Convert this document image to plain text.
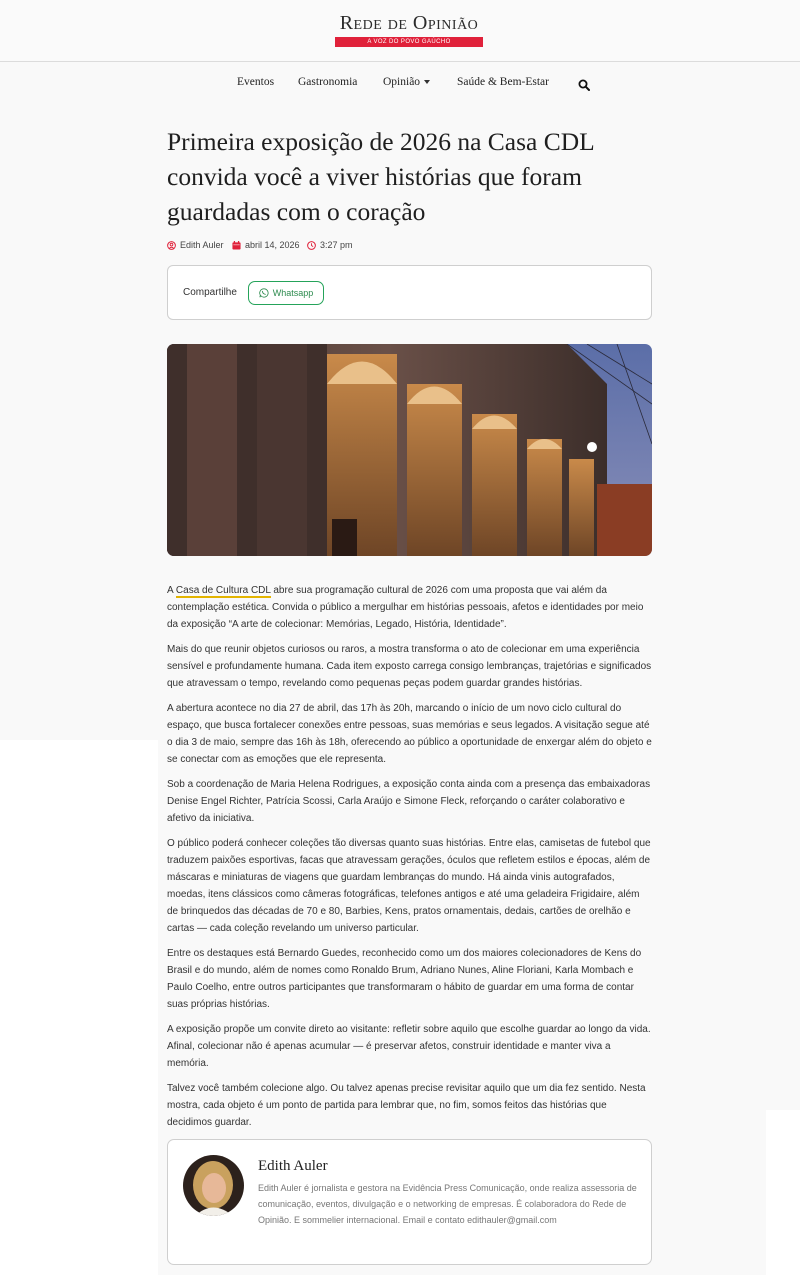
Rede de Opinião
A VOZ DO POVO GAÚCHO
Eventos Gastronomia Opinião	Saúde & Bem-Estar
Primeira exposição de 2026 na Casa CDL convida você a viver histórias que foram guardadas com o coração
Edith Auler abril 14, 2026 3:27 pm
Compartilhe	Whatsapp

A Casa de Cultura CDL abre sua programação cultural de 2026 com uma proposta que vai além da contemplação estética. Convida o público a mergulhar em histórias pessoais, afetos e identidades por meio da exposição “A arte de colecionar: Memórias, Legado, História, Identidade”.

Mais do que reunir objetos curiosos ou raros, a mostra transforma o ato de colecionar em uma experiência sensível e profundamente humana. Cada item exposto carrega consigo lembranças, trajetórias e significados que atravessam o tempo, revelando como pequenas peças podem guardar grandes histórias.

A abertura acontece no dia 27 de abril, das 17h às 20h, marcando o início de um novo ciclo cultural do espaço, que busca fortalecer conexões entre pessoas, suas memórias e seus legados. A visitação segue até o dia 3 de maio, sempre das 16h às 18h, oferecendo ao público a oportunidade de enxergar além do objeto e se conectar com as emoções que ele representa.

Sob a coordenação de Maria Helena Rodrigues, a exposição conta ainda com a presença das embaixadoras Denise Engel Richter, Patrícia Scossi, Carla Araújo e Simone Fleck, reforçando o caráter colaborativo e afetivo da iniciativa.

O público poderá conhecer coleções tão diversas quanto suas histórias. Entre elas, camisetas de futebol que traduzem paixões esportivas, facas que atravessam gerações, óculos que refletem estilos e épocas, além de máscaras e miniaturas de viagens que guardam lembranças do mundo. Há ainda vinis autografados, moedas, itens clássicos como câmeras fotográficas, telefones antigos e até uma geladeira Frigidaire, além de brinquedos das décadas de 70 e 80, Barbies, Kens, pratos ornamentais, dedais, cartões de orelhão e cartas — cada coleção revelando um universo particular.

Entre os destaques está Bernardo Guedes, reconhecido como um dos maiores colecionadores de Kens do Brasil e do mundo, além de nomes como Ronaldo Brum, Adriano Nunes, Aline Floriani, Karla Mombach e Paulo Coelho, entre outros participantes que transformaram o hábito de guardar em uma forma de contar suas próprias histórias.

A exposição propõe um convite direto ao visitante: refletir sobre aquilo que escolhe guardar ao longo da vida. Afinal, colecionar não é apenas acumular — é preservar afetos, construir identidade e manter viva a memória.

Talvez você também colecione algo. Ou talvez apenas precise revisitar aquilo que um dia fez sentido. Nesta mostra, cada objeto é um ponto de partida para lembrar que, no fim, somos feitos das histórias que decidimos guardar.

Edith Auler
Edith Auler é jornalista e gestora na Evidência Press Comunicação, onde realiza assessoria de comunicação, eventos, divulgação e o networking de empresas. É colaboradora do Rede de Opinião. E sommelier internacional. Email e contato edithauler@gmail.com
